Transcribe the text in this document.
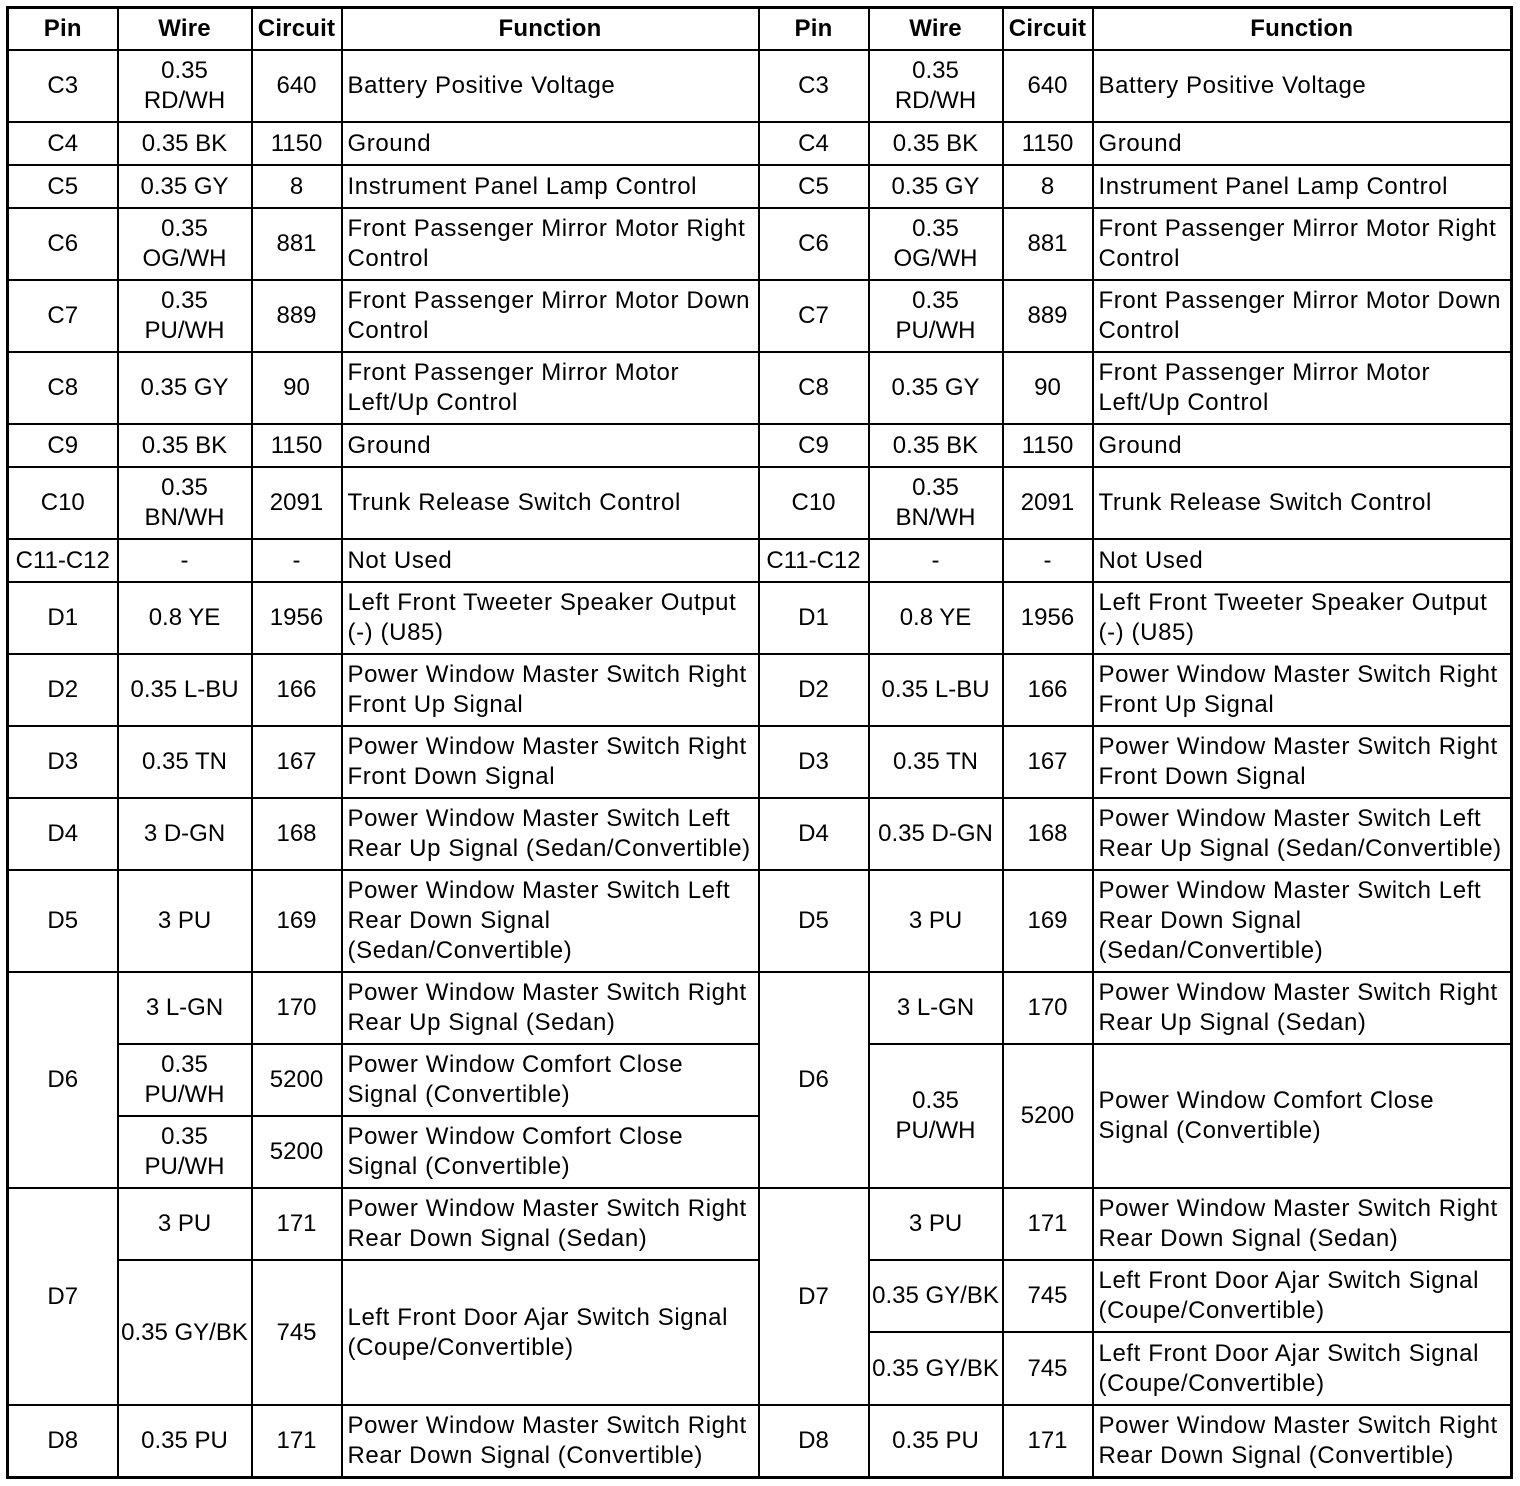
Pin	Wire	Circuit	Function
C3	0.35 RD/WH	640	Battery Positive Voltage
C4	0.35 BK	1150	Ground
C5	0.35 GY	8	Instrument Panel Lamp Control
C6	0.35 OG/WH	881	Front Passenger Mirror Motor Right Control
C7	0.35 PU/WH	889	Front Passenger Mirror Motor Down Control
C8	0.35 GY	90	Front Passenger Mirror Motor Left/Up Control
C9	0.35 BK	1150	Ground
C10	0.35 BN/WH	2091	Trunk Release Switch Control
C11-C12	-	-	Not Used
D1	0.8 YE	1956	Left Front Tweeter Speaker Output (-) (U85)
D2	0.35 L-BU	166	Power Window Master Switch Right Front Up Signal
D3	0.35 TN	167	Power Window Master Switch Right Front Down Signal
D4	3 D-GN	168	Power Window Master Switch Left Rear Up Signal (Sedan/Convertible)
D5	3 PU	169	Power Window Master Switch Left Rear Down Signal (Sedan/Convertible)
D6	3 L-GN	170	Power Window Master Switch Right Rear Up Signal (Sedan)
	0.35 PU/WH	5200	Power Window Comfort Close Signal (Convertible)
	0.35 PU/WH	5200	Power Window Comfort Close Signal (Convertible)
D7	3 PU	171	Power Window Master Switch Right Rear Down Signal (Sedan)
	0.35 GY/BK	745	Left Front Door Ajar Switch Signal (Coupe/Convertible)
D8	0.35 PU	171	Power Window Master Switch Right Rear Down Signal (Convertible)
Pin	Wire	Circuit	Function
C3	0.35 RD/WH	640	Battery Positive Voltage
C4	0.35 BK	1150	Ground
C5	0.35 GY	8	Instrument Panel Lamp Control
C6	0.35 OG/WH	881	Front Passenger Mirror Motor Right Control
C7	0.35 PU/WH	889	Front Passenger Mirror Motor Down Control
C8	0.35 GY	90	Front Passenger Mirror Motor Left/Up Control
C9	0.35 BK	1150	Ground
C10	0.35 BN/WH	2091	Trunk Release Switch Control
C11-C12	-	-	Not Used
D1	0.8 YE	1956	Left Front Tweeter Speaker Output (-) (U85)
D2	0.35 L-BU	166	Power Window Master Switch Right Front Up Signal
D3	0.35 TN	167	Power Window Master Switch Right Front Down Signal
D4	0.35 D-GN	168	Power Window Master Switch Left Rear Up Signal (Sedan/Convertible)
D5	3 PU	169	Power Window Master Switch Left Rear Down Signal (Sedan/Convertible)
D6	3 L-GN	170	Power Window Master Switch Right Rear Up Signal (Sedan)
	0.35 PU/WH	5200	Power Window Comfort Close Signal (Convertible)

D7	3 PU	171	Power Window Master Switch Right Rear Down Signal (Sedan)
	0.35 GY/BK	745	Left Front Door Ajar Switch Signal (Coupe/Convertible)
	0.35 GY/BK	745	Left Front Door Ajar Switch Signal (Coupe/Convertible)
D8	0.35 PU	171	Power Window Master Switch Right Rear Down Signal (Convertible)
